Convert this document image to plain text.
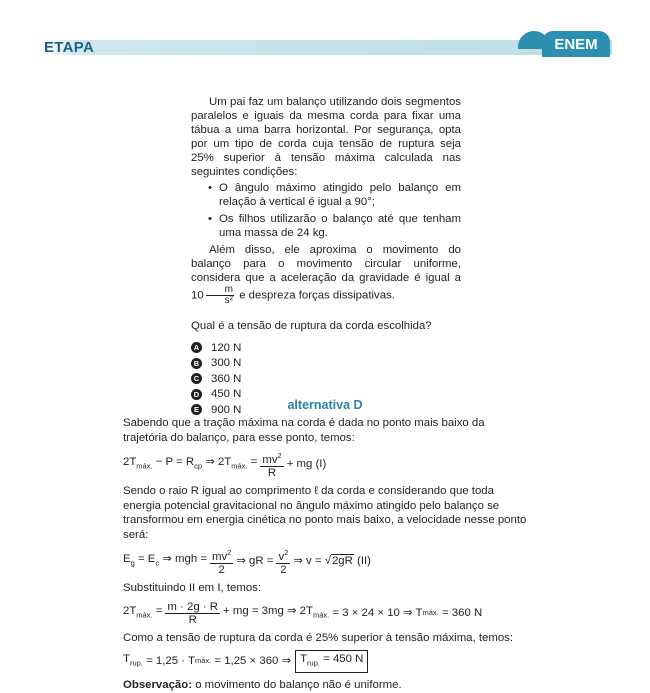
ETAPA	ENEM

Um pai faz um balanço utilizando dois segmentos paralelos e iguais da mesma corda para fixar uma tábua a uma barra horizontal. Por segurança, opta por um tipo de corda cuja tensão de ruptura seja 25% superior à tensão máxima calculada nas seguintes condições:

• O ângulo máximo atingido pelo balanço em relação à vertical é igual a 90°;
• Os filhos utilizarão o balanço até que tenham uma massa de 24 kg.

Além disso, ele aproxima o movimento do balanço para o movimento circular uniforme, considera que a aceleração da gravidade é igual a $10 \frac{m}{\text{s²}}$ e despreza forças dissipativas.

Qual é a tensão de ruptura da corda escolhida?

A 120 N
B 300 N
C 360 N
D 450 N
E 900 N	alternativa D

Sabendo que a tração máxima na corda é dada no ponto mais baixo da trajetória do balanço, para esse ponto, temos:

$2T_{máx.} - P = R_{cp}$ ⇒ $2T_{máx.} = \frac{mv^2}{R}$ + mg (I)

Sendo o raio R igual ao comprimento ℓ da corda e considerando que toda energia potencial gravitacional no ângulo máximo atingido pelo balanço se transformou em energia cinética no ponto mais baixo, a velocidade nesse ponto será:

$E_g = E_c$ ⇒ mgh = $\frac{mv^2}{2}$ ⇒ gR = $\frac{v^2}{2}$ ⇒ v = √2gR (II)

Substituindo II em I, temos:

$2T_{máx.} = \frac{m \cdot 2g \cdot R}{R}$ + mg = 3mg ⇒ $2T_{máx.} = 3 \times 24 \times 10$ ⇒ T máx.
= 360 N

Como a tensão de ruptura da corda é 25% superior à tensão máxima, temos:

$T_{rup.} = 1,25 \cdot T$ máx.
= 1,25 × 360 ⇒ $T_{rup.} = 450$ N

Observação: o movimento do balanço não é uniforme.
